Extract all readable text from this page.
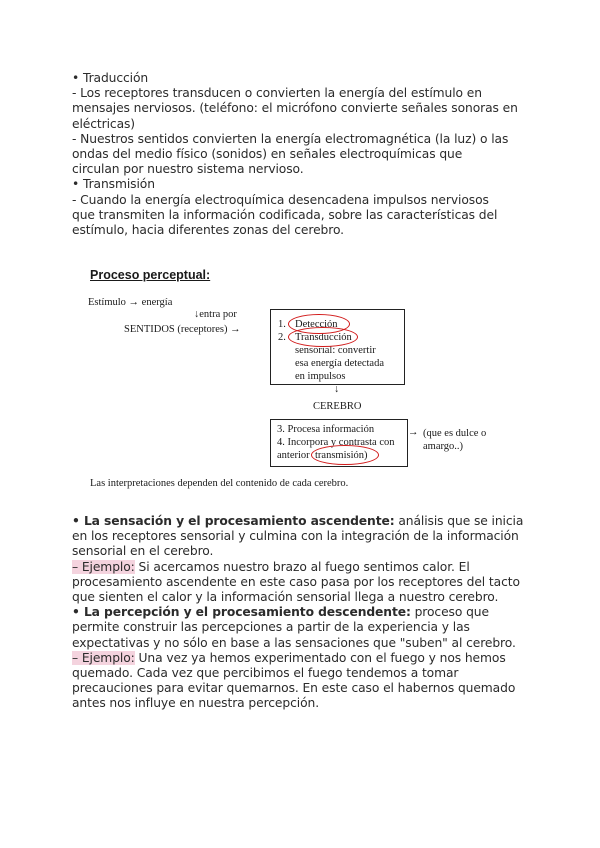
• Traducción

- Los receptores transducen o convierten la energía del estímulo en

mensajes nerviosos. (teléfono: el micrófono convierte señales sonoras en

eléctricas)

- Nuestros sentidos convierten la energía electromagnética (la luz) o las

ondas del medio físico (sonidos) en señales electroquímicas que

circulan por nuestro sistema nervioso.

• Transmisión

- Cuando la energía electroquímica desencadena impulsos nerviosos

que transmiten la información codificada, sobre las características del

estímulo, hacia diferentes zonas del cerebro.

Proceso perceptual:
Estímulo → energía
↓entra por
SENTIDOS (receptores) →	1. Detección
2. Transducción
sensorial: convertir
esa energía detectada
en impulsos
↓
CEREBRO
3. Procesa información
4. Incorpora y contrasta con
anterior transmisión)
→ (que es dulce o
amargo..)
Las interpretaciones dependen del contenido de cada cerebro.

• La sensación y el procesamiento ascendente: análisis que se inicia en los receptores sensorial y culmina con la integración de la información sensorial en el cerebro.

– Ejemplo: Si acercamos nuestro brazo al fuego sentimos calor. El procesamiento ascendente en este caso pasa por los receptores del tacto que sienten el calor y la información sensorial llega a nuestro cerebro.

• La percepción y el procesamiento descendente: proceso que permite construir las percepciones a partir de la experiencia y las expectativas y no sólo en base a las sensaciones que "suben" al cerebro.

– Ejemplo: Una vez ya hemos experimentado con el fuego y nos hemos quemado. Cada vez que percibimos el fuego tendemos a tomar precauciones para evitar quemarnos. En este caso el habernos quemado antes nos influye en nuestra percepción.
